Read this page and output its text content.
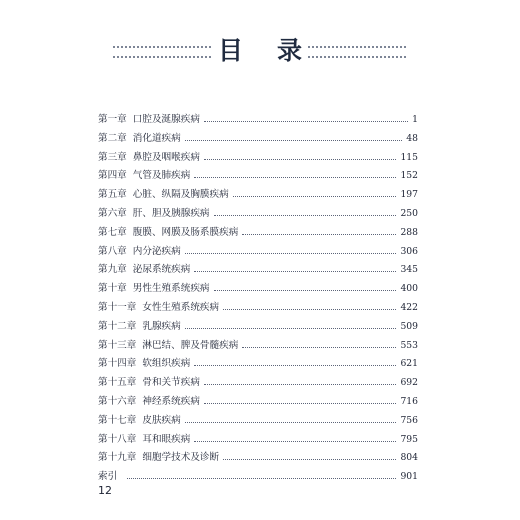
目 录
第一章 口腔及涎腺疾病	1
第二章 消化道疾病	48
第三章 鼻腔及咽喉疾病	115
第四章 气管及肺疾病	152
第五章 心脏、纵隔及胸膜疾病	197
第六章 肝、胆及胰腺疾病	250
第七章 腹膜、网膜及肠系膜疾病	288
第八章 内分泌疾病	306
第九章 泌尿系统疾病	345
第十章 男性生殖系统疾病	400
第十一章 女性生殖系统疾病	422
第十二章 乳腺疾病	509
第十三章 淋巴结、脾及骨髓疾病	553
第十四章 软组织疾病	621
第十五章 骨和关节疾病	692
第十六章 神经系统疾病	716
第十七章 皮肤疾病	756
第十八章 耳和眼疾病	795
第十九章 细胞学技术及诊断	804
索引	901
12
